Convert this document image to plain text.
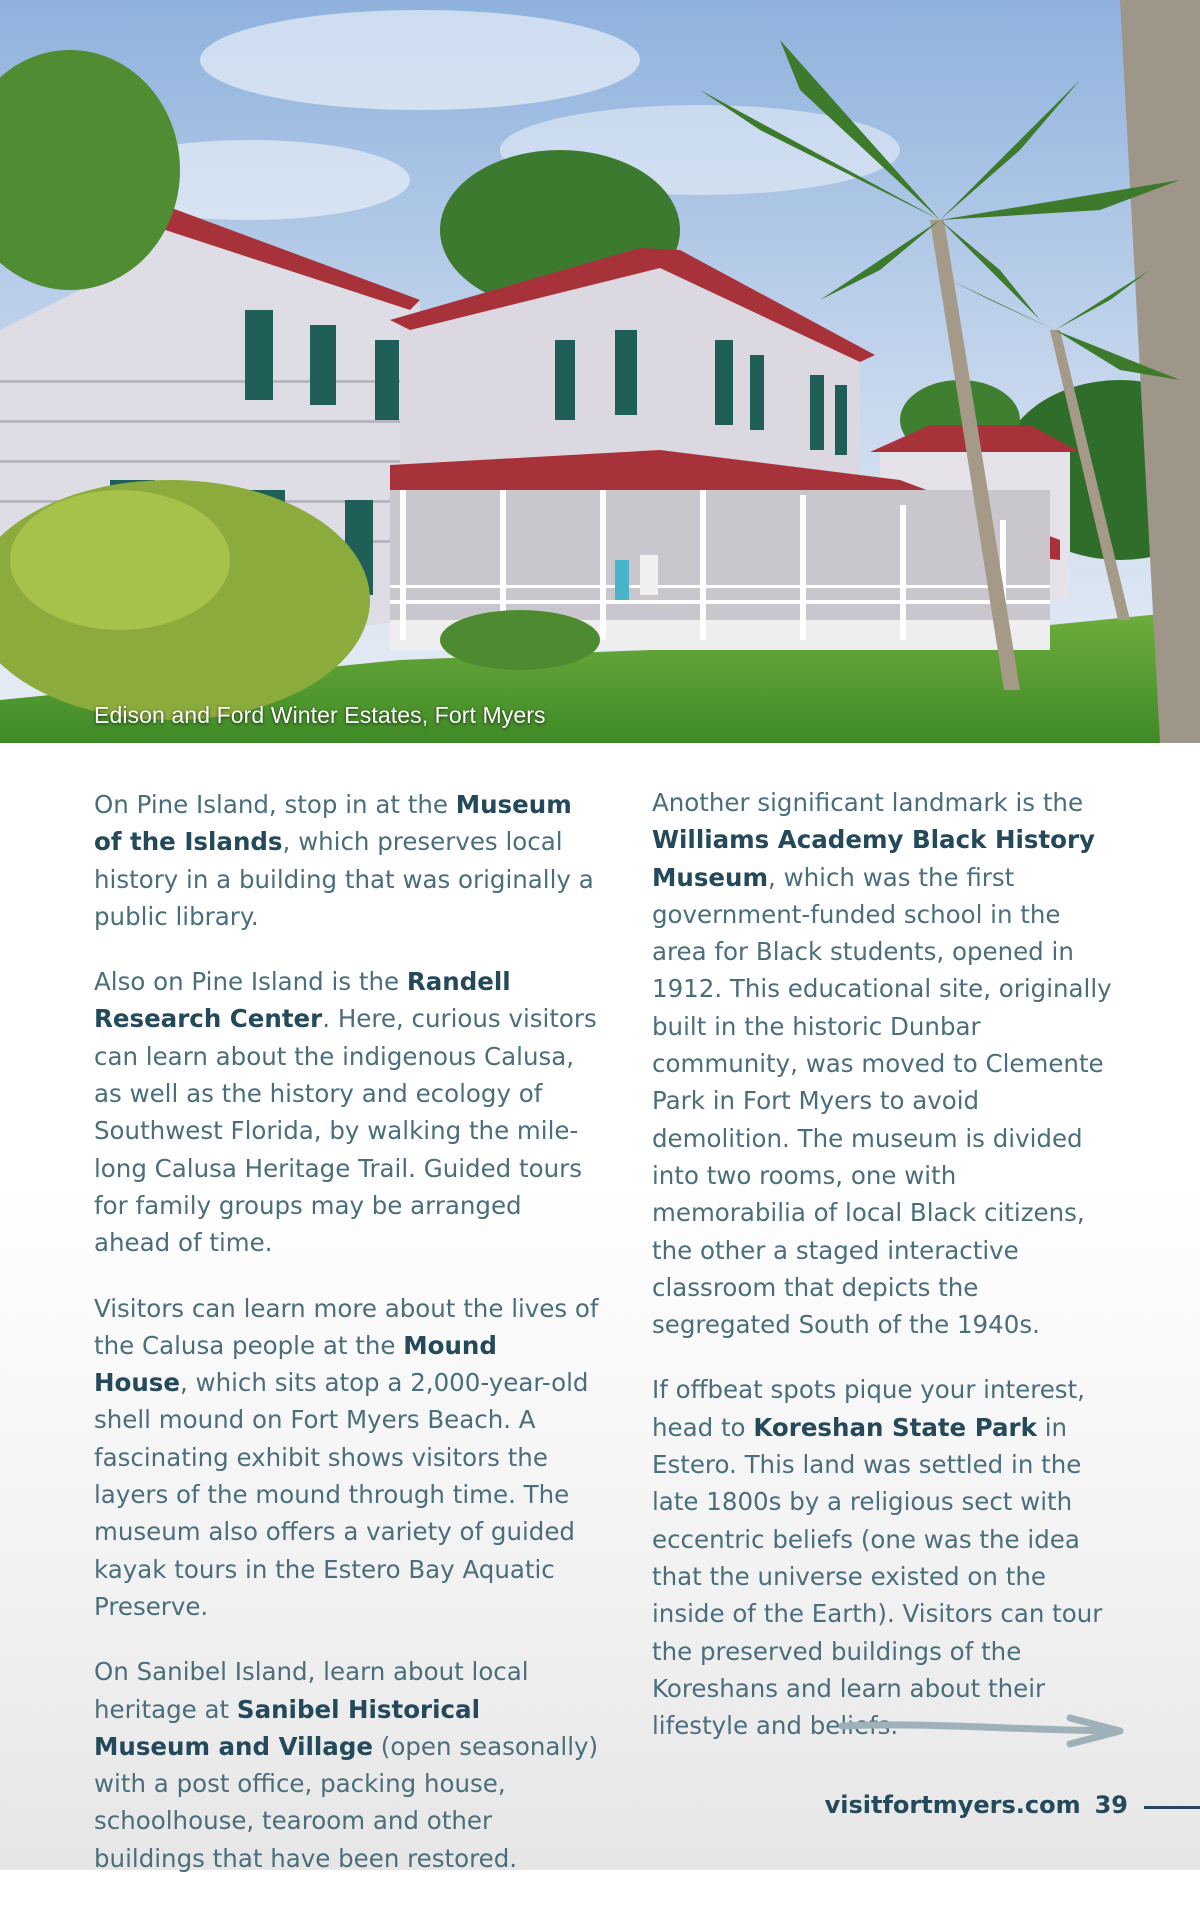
Edison and Ford Winter Estates, Fort Myers

On Pine Island, stop in at the Museum of the Islands, which preserves local history in a building that was originally a public library.

Also on Pine Island is the Randell Research Center. Here, curious visitors can learn about the indigenous Calusa, as well as the history and ecology of Southwest Florida, by walking the mile-long Calusa Heritage Trail. Guided tours for family groups may be arranged ahead of time.

Visitors can learn more about the lives of the Calusa people at the Mound House, which sits atop a 2,000-year-old shell mound on Fort Myers Beach. A fascinating exhibit shows visitors the layers of the mound through time. The museum also offers a variety of guided kayak tours in the Estero Bay Aquatic Preserve.

On Sanibel Island, learn about local heritage at Sanibel Historical Museum and Village (open seasonally) with a post office, packing house, schoolhouse, tearoom and other buildings that have been restored.

Another significant landmark is the Williams Academy Black History Museum, which was the first government-funded school in the area for Black students, opened in 1912. This educational site, originally built in the historic Dunbar community, was moved to Clemente Park in Fort Myers to avoid demolition. The museum is divided into two rooms, one with memorabilia of local Black citizens, the other a staged interactive classroom that depicts the segregated South of the 1940s.

If offbeat spots pique your interest, head to Koreshan State Park in Estero. This land was settled in the late 1800s by a religious sect with eccentric beliefs (one was the idea that the universe existed on the inside of the Earth). Visitors can tour the preserved buildings of the Koreshans and learn about their lifestyle and beliefs.

visitfortmyers.com 39
